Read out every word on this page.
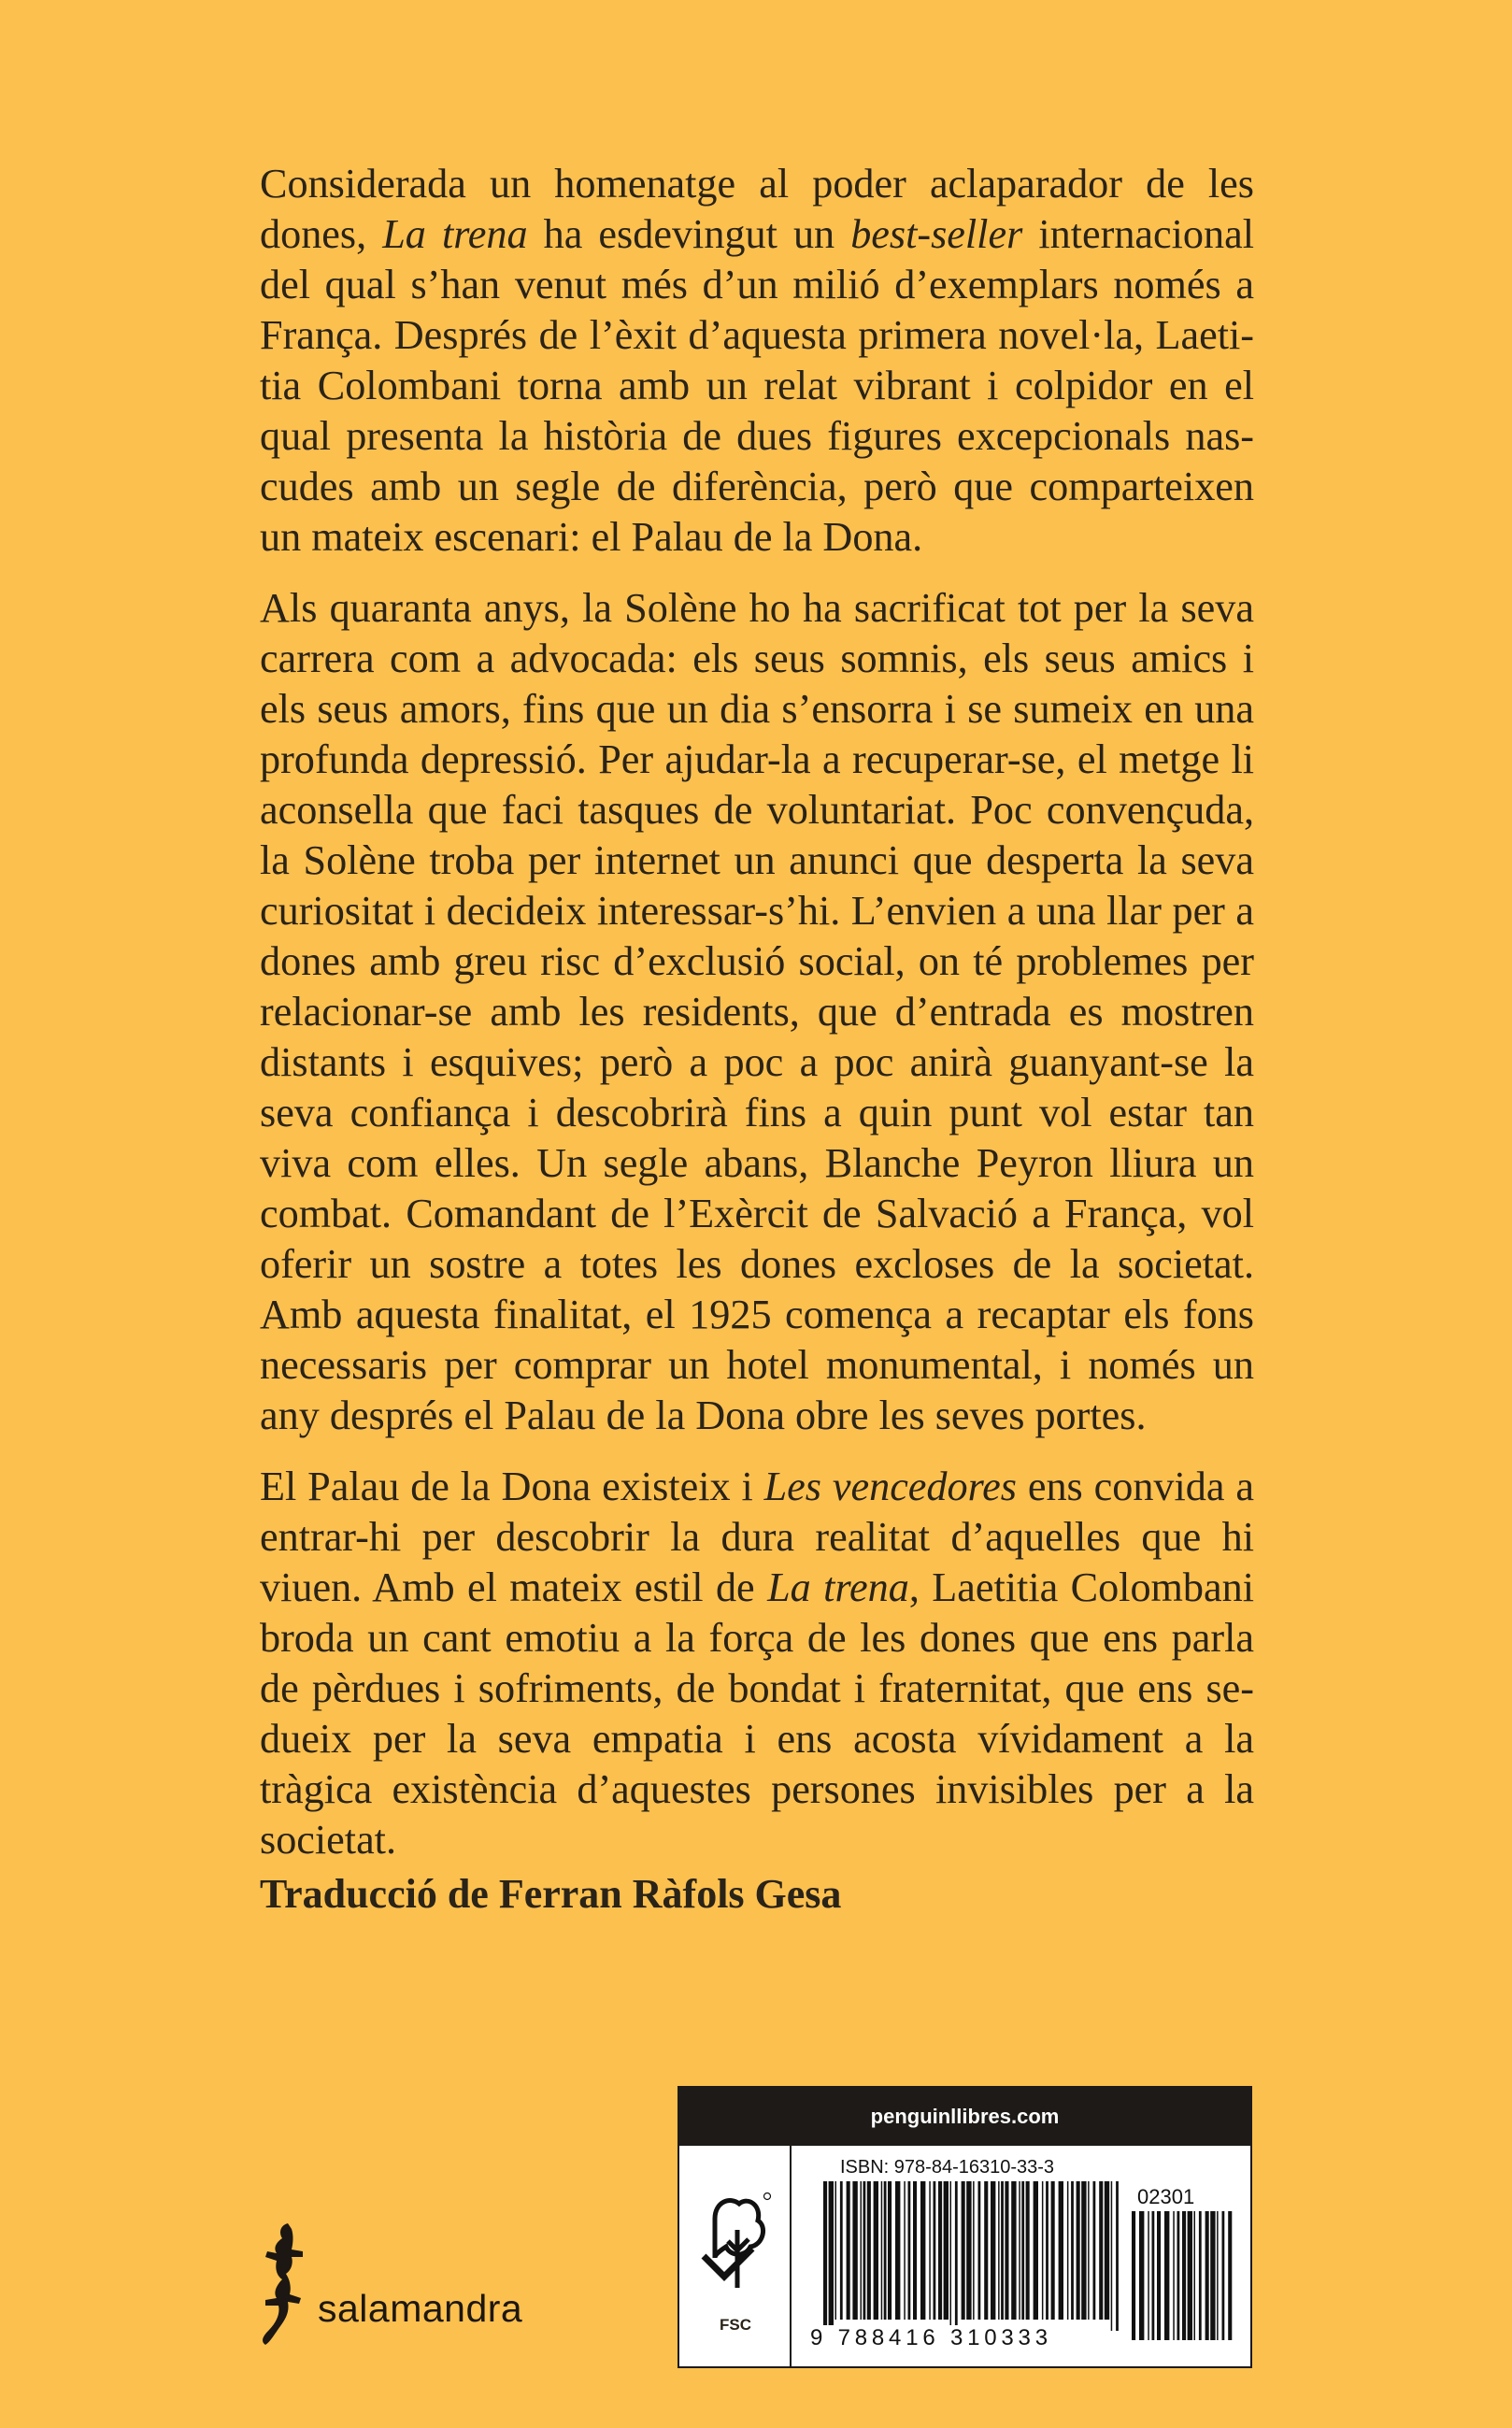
Considerada un homenatge al poder aclaparador de les dones, La trena ha esdevingut un best-seller internacional del qual s’han venut més d’un milió d’exemplars només a França. Després de l’èxit d’aquesta primera novel·la, Laetitia Colombani torna amb un relat vibrant i colpidor en el qual presenta la història de dues figures excepcionals nascudes amb un segle de diferència, però que comparteixen un mateix escenari: el Palau de la Dona.

Als quaranta anys, la Solène ho ha sacrificat tot per la seva carrera com a advocada: els seus somnis, els seus amics i els seus amors, fins que un dia s’ensorra i se sumeix en una profunda depressió. Per ajudar-la a recuperar-se, el metge li aconsella que faci tasques de voluntariat. Poc convençuda, la Solène troba per internet un anunci que desperta la seva curiositat i decideix interessar-s’hi. L’envien a una llar per a dones amb greu risc d’exclusió social, on té problemes per relacionar-se amb les residents, que d’entrada es mostren distants i esquives; però a poc a poc anirà guanyant-se la seva confiança i descobrirà fins a quin punt vol estar tan viva com elles. Un segle abans, Blanche Peyron lliura un combat. Comandant de l’Exèrcit de Salvació a França, vol oferir un sostre a totes les dones excloses de la societat. Amb aquesta finalitat, el 1925 comença a recaptar els fons necessaris per comprar un hotel monumental, i només un any després el Palau de la Dona obre les seves portes.

El Palau de la Dona existeix i Les vencedores ens convida a entrar-hi per descobrir la dura realitat d’aquelles que hi viuen. Amb el mateix estil de La trena, Laetitia Colombani broda un cant emotiu a la força de les dones que ens parla de pèrdues i sofriments, de bondat i fraternitat, que ens sedueix per la seva empatia i ens acosta vívidament a la tràgica existència d’aquestes persones invisibles per a la societat.

Traducció de Ferran Ràfols Gesa
salamandra
penguinllibres.com
FSC
ISBN: 978-84-16310-33-3
02301
9 788416 310333
